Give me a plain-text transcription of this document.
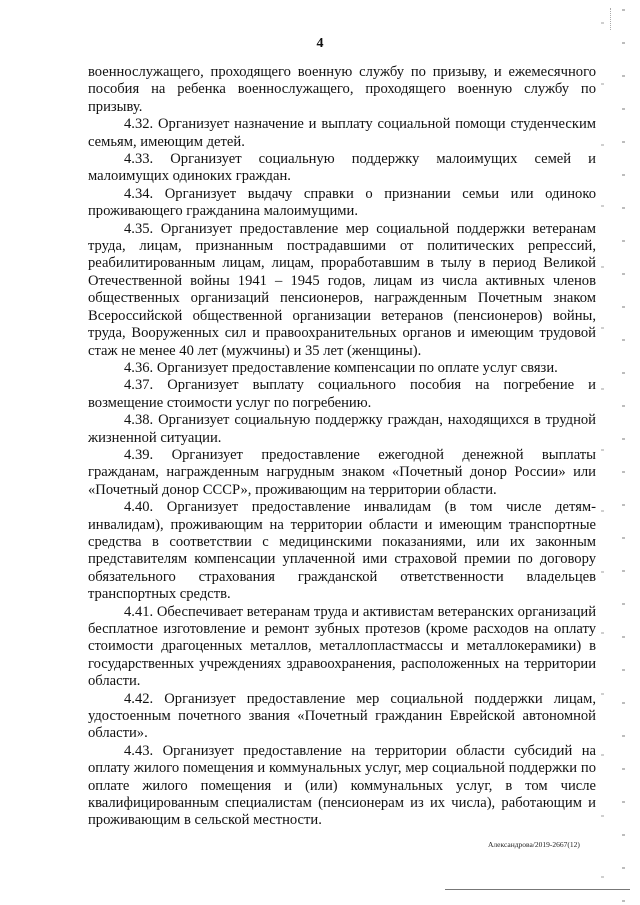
4

военнослужащего, проходящего военную службу по призыву, и ежемесячного пособия на ребенка военнослужащего, проходящего военную службу по призыву.

4.32. Организует назначение и выплату социальной помощи студенческим семьям, имеющим детей.

4.33. Организует социальную поддержку малоимущих семей и малоимущих одиноких граждан.

4.34. Организует выдачу справки о признании семьи или одиноко проживающего гражданина малоимущими.

4.35. Организует предоставление мер социальной поддержки ветеранам труда, лицам, признанным пострадавшими от политических репрессий, реабилитированным лицам, лицам, проработавшим в тылу в период Великой Отечественной войны 1941 – 1945 годов, лицам из числа активных членов общественных организаций пенсионеров, награжденным Почетным знаком Всероссийской общественной организации ветеранов (пенсионеров) войны, труда, Вооруженных сил и правоохранительных органов и имеющим трудовой стаж не менее 40 лет (мужчины) и 35 лет (женщины).

4.36. Организует предоставление компенсации по оплате услуг связи.

4.37. Организует выплату социального пособия на погребение и возмещение стоимости услуг по погребению.

4.38. Организует социальную поддержку граждан, находящихся в трудной жизненной ситуации.

4.39. Организует предоставление ежегодной денежной выплаты гражданам, награжденным нагрудным знаком «Почетный донор России» или «Почетный донор СССР», проживающим на территории области.

4.40. Организует предоставление инвалидам (в том числе детям-инвалидам), проживающим на территории области и имеющим транспортные средства в соответствии с медицинскими показаниями, или их законным представителям компенсации уплаченной ими страховой премии по договору обязательного страхования гражданской ответственности владельцев транспортных средств.

4.41. Обеспечивает ветеранам труда и активистам ветеранских организаций бесплатное изготовление и ремонт зубных протезов (кроме расходов на оплату стоимости драгоценных металлов, металлопластмассы и металлокерамики) в государственных учреждениях здравоохранения, расположенных на территории области.

4.42. Организует предоставление мер социальной поддержки лицам, удостоенным почетного звания «Почетный гражданин Еврейской автономной области».

4.43. Организует предоставление на территории области субсидий на оплату жилого помещения и коммунальных услуг, мер социальной поддержки по оплате жилого помещения и (или) коммунальных услуг, в том числе квалифицированным специалистам (пенсионерам из их числа), работающим и проживающим в сельской местности.

Александрова/2019-2667(12)
